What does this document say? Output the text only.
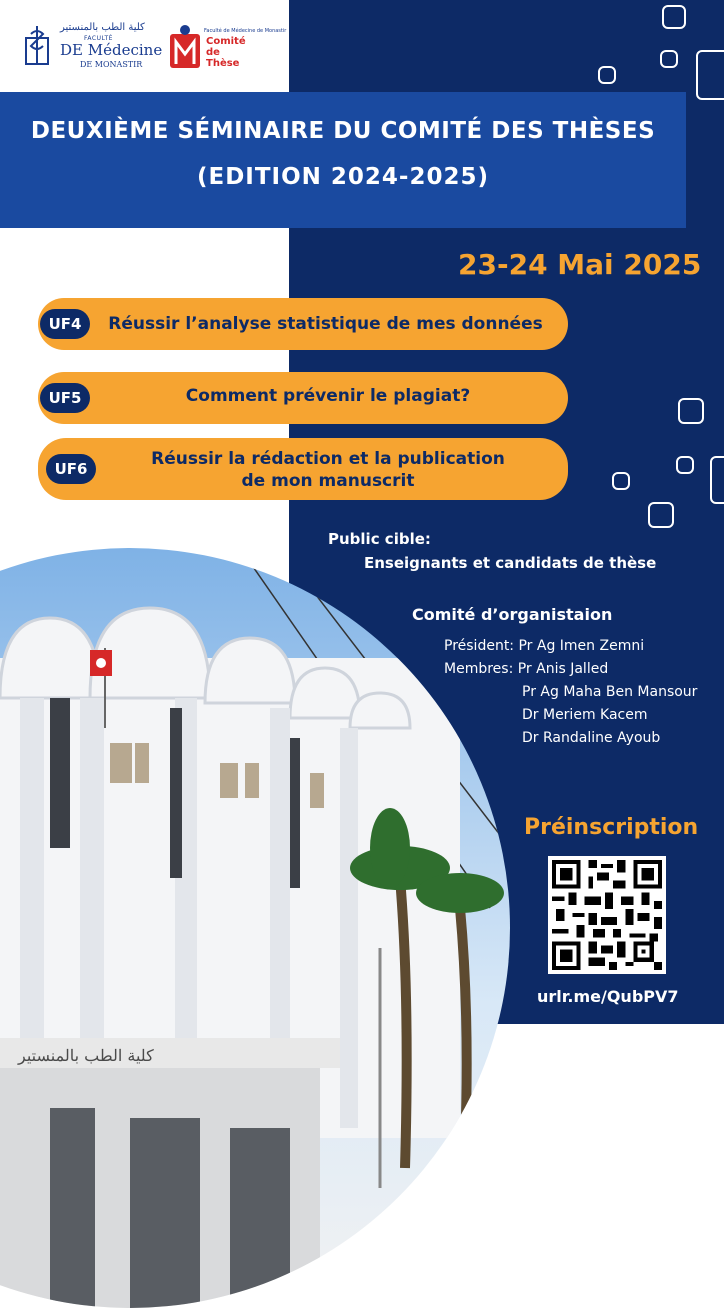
كلية الطب بالمنستير
FACULTÉ
DE Médecine
DE MONASTIR
Faculté de Médecine de Monastir
Comité
de
Thèse
DEUXIÈME SÉMINAIRE DU COMITÉ DES THÈSES
(EDITION 2024-2025)
23-24 Mai 2025
UF4	Réussir l’analyse statistique de mes données
UF5	Comment prévenir le plagiat?
UF6	Réussir la rédaction et la publication
de mon manuscrit
Public cible:
Enseignants et candidats de thèse
Comité d’organistaion
Président: Pr Ag Imen Zemni
Membres: Pr Anis Jalled
Pr Ag Maha Ben Mansour
Dr Meriem Kacem
Dr Randaline Ayoub
كلية الطب بالمنستير
Préinscription
urlr.me/QubPV7
